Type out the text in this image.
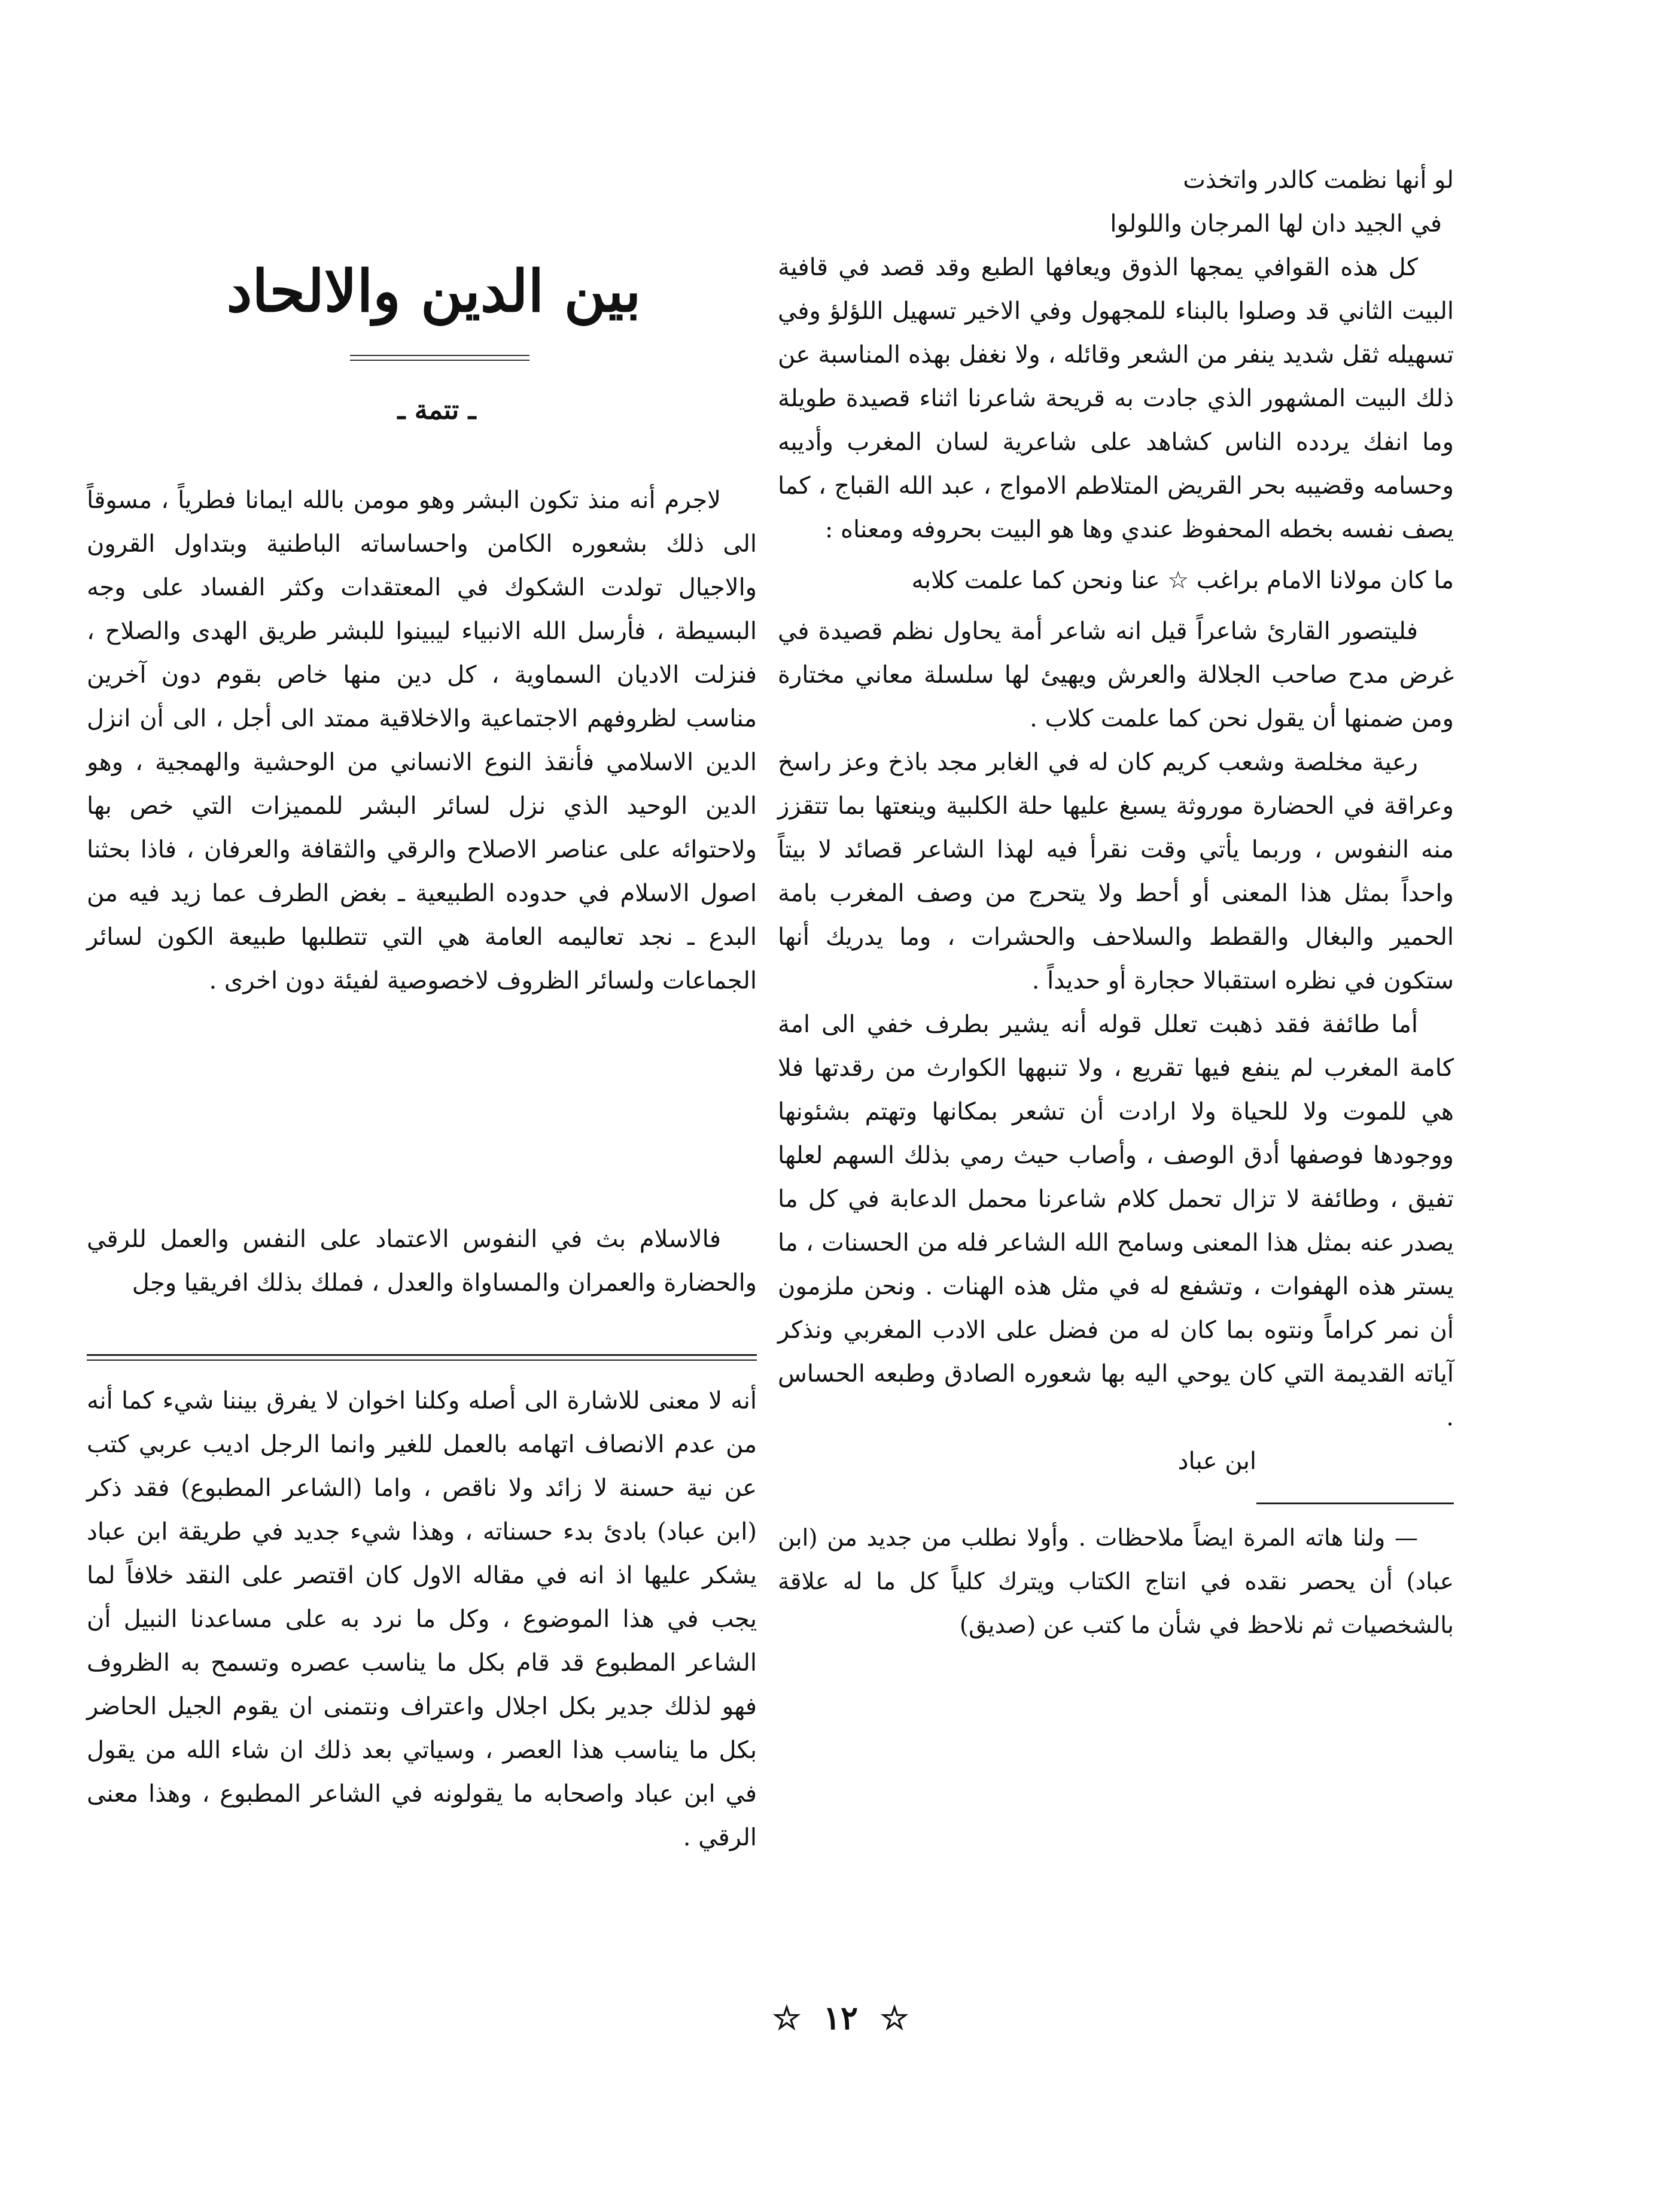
لو أنها نظمت كالدر واتخذت

في الجيد دان لها المرجان واللولوا

كل هذه القوافي يمجها الذوق ويعافها الطبع وقد قصد في قافية البيت الثاني قد وصلوا بالبناء للمجهول وفي الاخير تسهيل اللؤلؤ وفي تسهيله ثقل شديد ينفر من الشعر وقائله ، ولا نغفل بهذه المناسبة عن ذلك البيت المشهور الذي جادت به قريحة شاعرنا اثناء قصيدة طويلة وما انفك يردده الناس كشاهد على شاعرية لسان المغرب وأديبه وحسامه وقضيبه بحر القريض المتلاطم الامواج ، عبد الله القباج ، كما يصف نفسه بخطه المحفوظ عندي وها هو البيت بحروفه ومعناه :

ما كان مولانا الامام براغب ☆ عنا ونحن كما علمت كلابه

فليتصور القارئ شاعراً قيل انه شاعر أمة يحاول نظم قصيدة في غرض مدح صاحب الجلالة والعرش ويهيئ لها سلسلة معاني مختارة ومن ضمنها أن يقول نحن كما علمت كلاب .

رعية مخلصة وشعب كريم كان له في الغابر مجد باذخ وعز راسخ وعراقة في الحضارة موروثة يسبغ عليها حلة الكلبية وينعتها بما تتقزز منه النفوس ، وربما يأتي وقت نقرأ فيه لهذا الشاعر قصائد لا بيتاً واحداً بمثل هذا المعنى أو أحط ولا يتحرج من وصف المغرب بامة الحمير والبغال والقطط والسلاحف والحشرات ، وما يدريك أنها ستكون في نظره استقبالا حجارة أو حديداً .

أما طائفة فقد ذهبت تعلل قوله أنه يشير بطرف خفي الى امة كامة المغرب لم ينفع فيها تقريع ، ولا تنبهها الكوارث من رقدتها فلا هي للموت ولا للحياة ولا ارادت أن تشعر بمكانها وتهتم بشئونها ووجودها فوصفها أدق الوصف ، وأصاب حيث رمي بذلك السهم لعلها تفيق ، وطائفة لا تزال تحمل كلام شاعرنا محمل الدعابة في كل ما يصدر عنه بمثل هذا المعنى وسامح الله الشاعر فله من الحسنات ، ما يستر هذه الهفوات ، وتشفع له في مثل هذه الهنات . ونحن ملزمون أن نمر كراماً ونتوه بما كان له من فضل على الادب المغربي ونذكر آياته القديمة التي كان يوحي اليه بها شعوره الصادق وطبعه الحساس .

ابن عباد

— ولنا هاته المرة ايضاً ملاحظات . وأولا نطلب من جديد من (ابن عباد) أن يحصر نقده في انتاج الكتاب ويترك كلياً كل ما له علاقة بالشخصيات ثم نلاحظ في شأن ما كتب عن (صديق)

بين الدين والالحاد
ـ تتمة ـ

لاجرم أنه منذ تكون البشر وهو مومن بالله ايمانا فطرياً ، مسوقاً الى ذلك بشعوره الكامن واحساساته الباطنية وبتداول القرون والاجيال تولدت الشكوك في المعتقدات وكثر الفساد على وجه البسيطة ، فأرسل الله الانبياء ليبينوا للبشر طريق الهدى والصلاح ، فنزلت الاديان السماوية ، كل دين منها خاص بقوم دون آخرين مناسب لظروفهم الاجتماعية والاخلاقية ممتد الى أجل ، الى أن انزل الدين الاسلامي فأنقذ النوع الانساني من الوحشية والهمجية ، وهو الدين الوحيد الذي نزل لسائر البشر للمميزات التي خص بها ولاحتوائه على عناصر الاصلاح والرقي والثقافة والعرفان ، فاذا بحثنا اصول الاسلام في حدوده الطبيعية ـ بغض الطرف عما زيد فيه من البدع ـ نجد تعاليمه العامة هي التي تتطلبها طبيعة الكون لسائر الجماعات ولسائر الظروف لاخصوصية لفيئة دون اخرى .

فالاسلام بث في النفوس الاعتماد على النفس والعمل للرقي والحضارة والعمران والمساواة والعدل ، فملك بذلك افريقيا وجل

أنه لا معنى للاشارة الى أصله وكلنا اخوان لا يفرق بيننا شيء كما أنه من عدم الانصاف اتهامه بالعمل للغير وانما الرجل اديب عربي كتب عن نية حسنة لا زائد ولا ناقص ، واما (الشاعر المطبوع) فقد ذكر (ابن عباد) بادئ بدء حسناته ، وهذا شيء جديد في طريقة ابن عباد يشكر عليها اذ انه في مقاله الاول كان اقتصر على النقد خلافاً لما يجب في هذا الموضوع ، وكل ما نرد به على مساعدنا النبيل أن الشاعر المطبوع قد قام بكل ما يناسب عصره وتسمح به الظروف فهو لذلك جدير بكل اجلال واعتراف ونتمنى ان يقوم الجيل الحاضر بكل ما يناسب هذا العصر ، وسياتي بعد ذلك ان شاء الله من يقول في ابن عباد واصحابه ما يقولونه في الشاعر المطبوع ، وهذا معنى الرقي .

☆ ١٢ ☆
